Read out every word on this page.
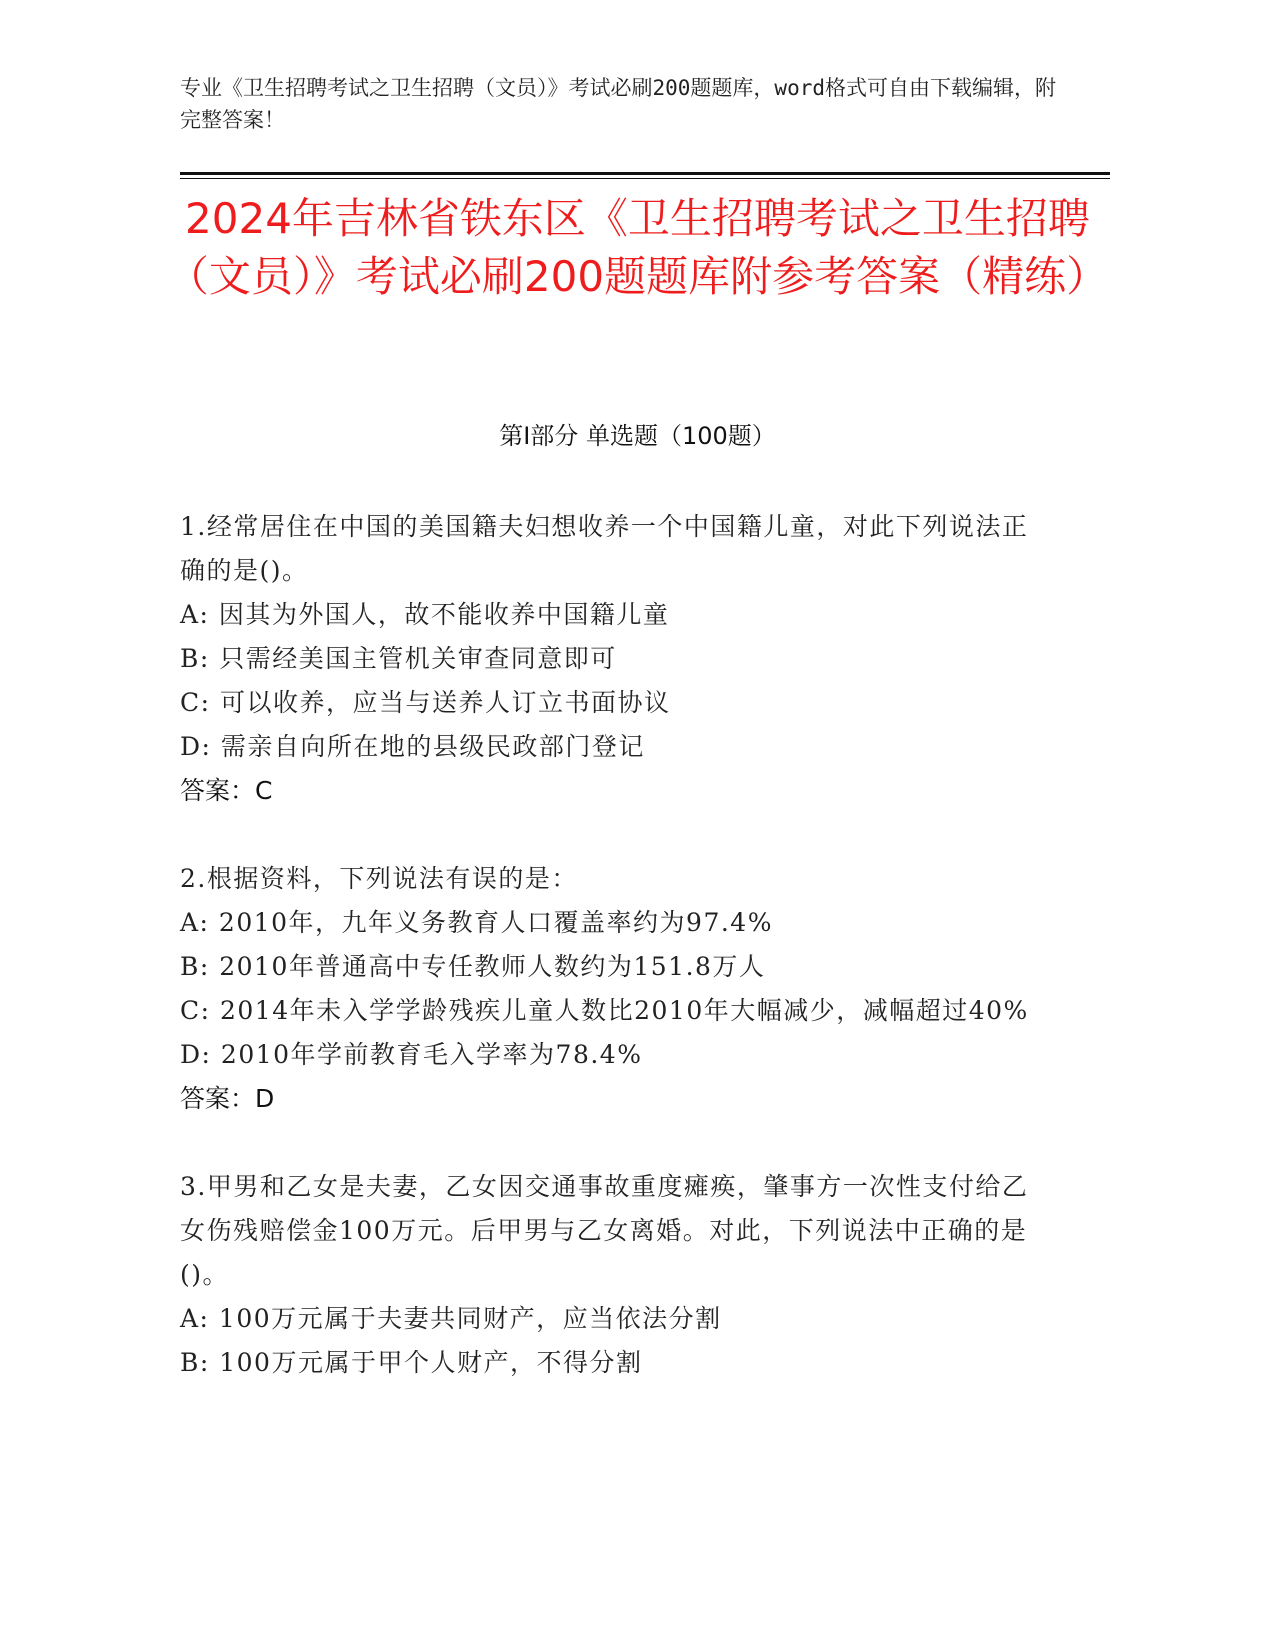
专业《卫生招聘考试之卫生招聘（文员）》考试必刷200题题库，word格式可自由下载编辑，附完整答案！
2024年吉林省铁东区《卫生招聘考试之卫生招聘（文员）》考试必刷200题题库附参考答案（精练）
第Ⅰ部分 单选题（100题）
1.经常居住在中国的美国籍夫妇想收养一个中国籍儿童，对此下列说法正确的是()。
A: 因其为外国人，故不能收养中国籍儿童
B: 只需经美国主管机关审查同意即可
C: 可以收养，应当与送养人订立书面协议
D: 需亲自向所在地的县级民政部门登记
答案：C
2.根据资料，下列说法有误的是：
A: 2010年，九年义务教育人口覆盖率约为97.4%
B: 2010年普通高中专任教师人数约为151.8万人
C: 2014年未入学学龄残疾儿童人数比2010年大幅减少，减幅超过40%
D: 2010年学前教育毛入学率为78.4%
答案：D
3.甲男和乙女是夫妻，乙女因交通事故重度瘫痪，肇事方一次性支付给乙女伤残赔偿金100万元。后甲男与乙女离婚。对此，下列说法中正确的是()。
A: 100万元属于夫妻共同财产，应当依法分割
B: 100万元属于甲个人财产，不得分割
